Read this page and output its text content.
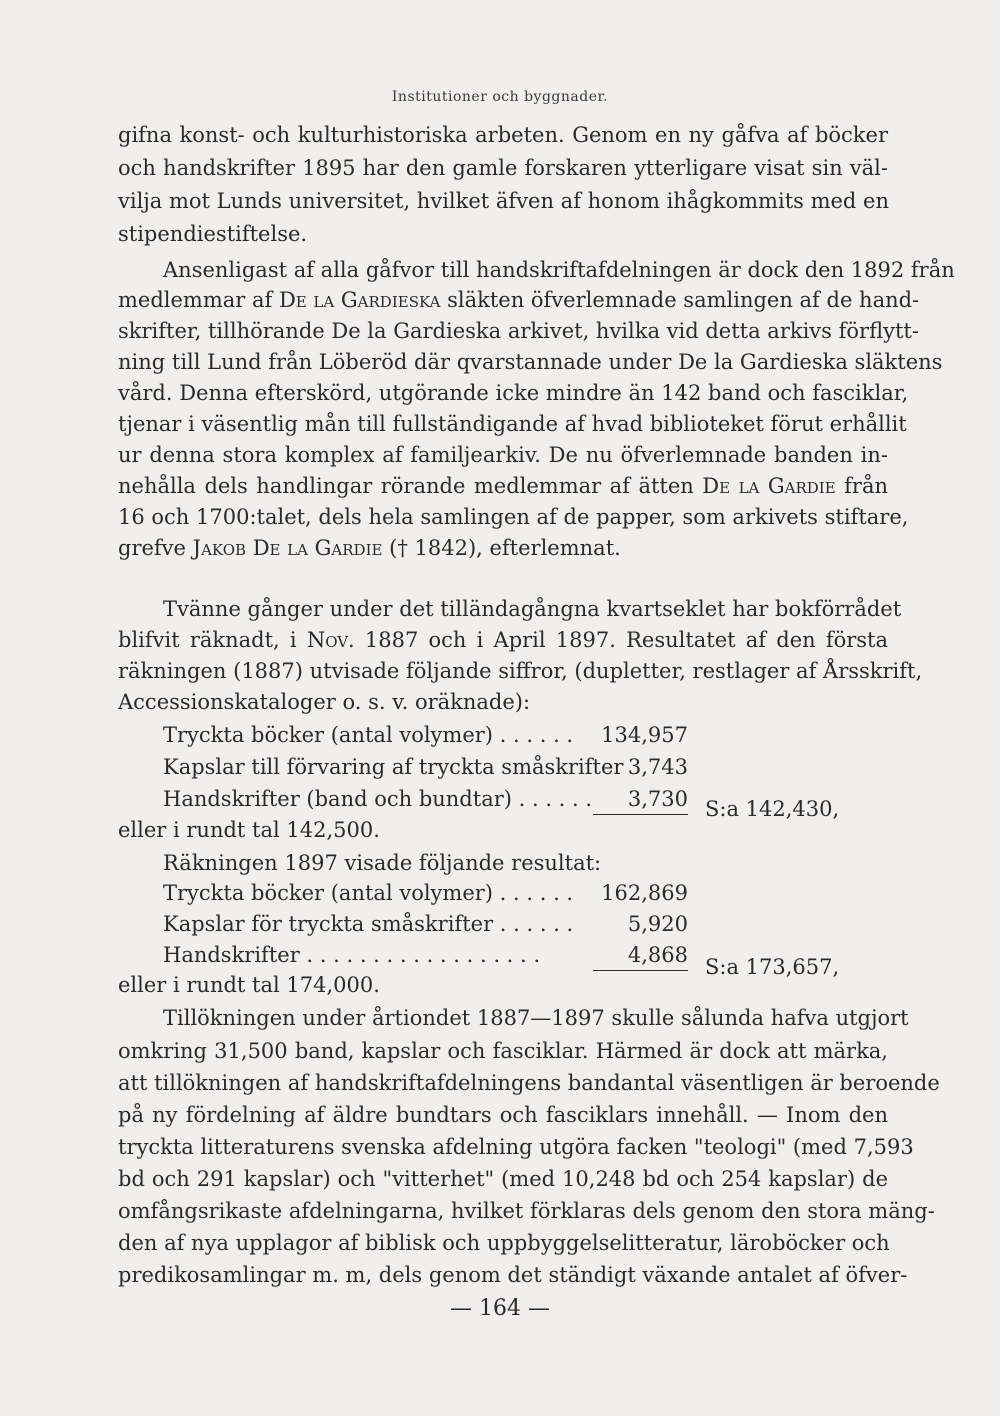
Institutioner och byggnader.
gifna konst- och kulturhistoriska arbeten. Genom en ny gåfva af böcker
och handskrifter 1895 har den gamle forskaren ytterligare visat sin väl-
vilja mot Lunds universitet, hvilket äfven af honom ihågkommits med en
stipendiestiftelse.
Ansenligast af alla gåfvor till handskriftafdelningen är dock den 1892 från
medlemmar af De la Gardieska släkten öfverlemnade samlingen af de hand-
skrifter, tillhörande De la Gardieska arkivet, hvilka vid detta arkivs förflytt-
ning till Lund från Löberöd där qvarstannade under De la Gardieska släktens
vård. Denna efterskörd, utgörande icke mindre än 142 band och fasciklar,
tjenar i väsentlig mån till fullständigande af hvad biblioteket förut erhållit
ur denna stora komplex af familjearkiv. De nu öfverlemnade banden in-
nehålla dels handlingar rörande medlemmar af ätten De la Gardie från
16 och 1700:talet, dels hela samlingen af de papper, som arkivets stiftare,
grefve Jakob De la Gardie († 1842), efterlemnat.
Tvänne gånger under det tilländagångna kvartseklet har bokförrådet
blifvit räknadt, i Nov. 1887 och i April 1897. Resultatet af den första
räkningen (1887) utvisade följande siffror, (dupletter, restlager af Årsskrift,
Accessionskataloger o. s. v. oräknade):
Tryckta böcker (antal volymer) . . . . . . 134,957
Kapslar till förvaring af tryckta småskrifter 3,743
Handskrifter (band och bundtar) . . . . . . 3,730 S:a 142,430,
eller i rundt tal 142,500.
Räkningen 1897 visade följande resultat:
Tryckta böcker (antal volymer) . . . . . . 162,869
Kapslar för tryckta småskrifter . . . . . .	5,920
Handskrifter . . . . . . . . . . . . . . . . . .	4,868 S:a 173,657,
eller i rundt tal 174,000.
Tillökningen under årtiondet 1887—1897 skulle sålunda hafva utgjort
omkring 31,500 band, kapslar och fasciklar. Härmed är dock att märka,
att tillökningen af handskriftafdelningens bandantal väsentligen är beroende
på ny fördelning af äldre bundtars och fasciklars innehåll. — Inom den
tryckta litteraturens svenska afdelning utgöra facken "teologi" (med 7,593
bd och 291 kapslar) och "vitterhet" (med 10,248 bd och 254 kapslar) de
omfångsrikaste afdelningarna, hvilket förklaras dels genom den stora mäng-
den af nya upplagor af biblisk och uppbyggelselitteratur, läroböcker och
predikosamlingar m. m, dels genom det ständigt växande antalet af öfver-
— 164 —
